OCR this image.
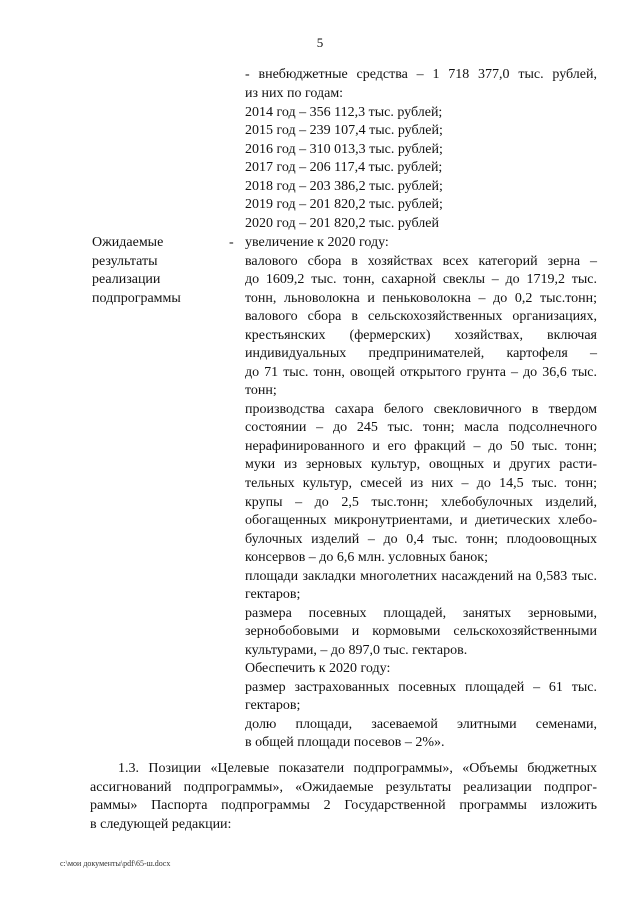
5
- внебюджетные средства – 1 718 377,0 тыс. рублей,
из них по годам:
2014 год – 356 112,3 тыс. рублей;
2015 год – 239 107,4 тыс. рублей;
2016 год – 310 013,3 тыс. рублей;
2017 год – 206 117,4 тыс. рублей;
2018 год – 203 386,2 тыс. рублей;
2019 год – 201 820,2 тыс. рублей;
2020 год – 201 820,2 тыс. рублей
Ожидаемые
результаты
реализации
подпрограммы
- увеличение к 2020 году:
валового сбора в хозяйствах всех категорий зерна –
до 1609,2 тыс. тонн, сахарной свеклы – до 1719,2 тыс.
тонн, льноволокна и пеньковолокна – до 0,2 тыс.тонн;
валового сбора в сельскохозяйственных организациях,
крестьянских (фермерских) хозяйствах, включая
индивидуальных предпринимателей, картофеля –
до 71 тыс. тонн, овощей открытого грунта – до 36,6 тыс.
тонн;
производства сахара белого свекловичного в твердом
состоянии – до 245 тыс. тонн; масла подсолнечного
нерафинированного и его фракций – до 50 тыс. тонн;
муки из зерновых культур, овощных и других расти-
тельных культур, смесей из них – до 14,5 тыс. тонн;
крупы – до 2,5 тыс.тонн; хлебобулочных изделий,
обогащенных микронутриентами, и диетических хлебо-
булочных изделий – до 0,4 тыс. тонн; плодоовощных
консервов – до 6,6 млн. условных банок;
площади закладки многолетних насаждений на 0,583 тыс.
гектаров;
размера посевных площадей, занятых зерновыми,
зернобобовыми и кормовыми сельскохозяйственными
культурами, – до 897,0 тыс. гектаров.
Обеспечить к 2020 году:
размер застрахованных посевных площадей – 61 тыс.
гектаров;
долю площади, засеваемой элитными семенами,
в общей площади посевов – 2%».
1.3. Позиции «Целевые показатели подпрограммы», «Объемы бюджетных
ассигнований подпрограммы», «Ожидаемые результаты реализации подпрог-
раммы» Паспорта подпрограммы 2 Государственной программы изложить
в следующей редакции:
c:\мои документы\pdf\65-ш.docx
